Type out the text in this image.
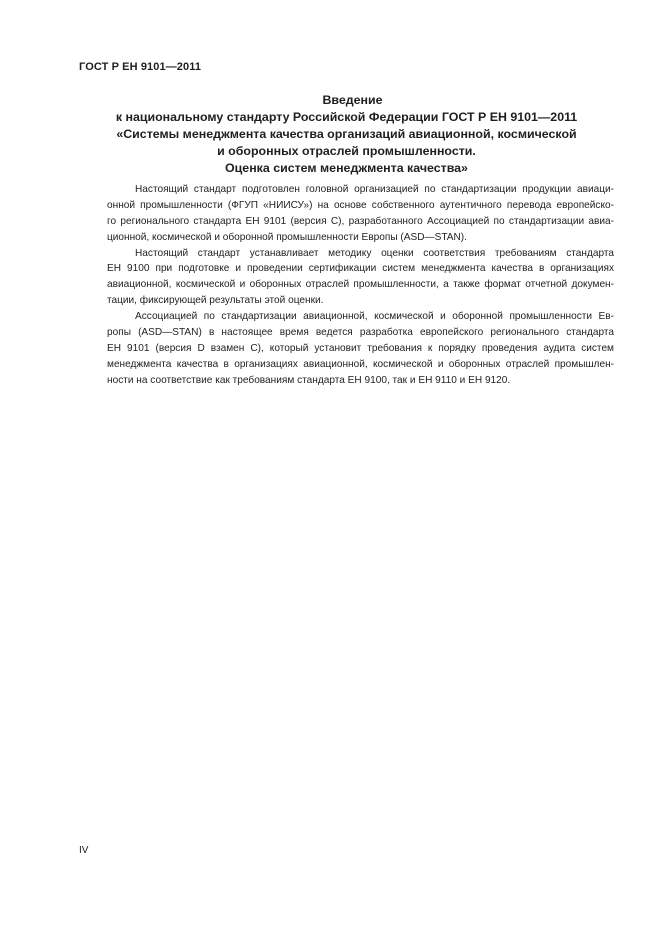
ГОСТ Р ЕН 9101—2011
Введение
к национальному стандарту Российской Федерации ГОСТ Р ЕН 9101—2011
«Системы менеджмента качества организаций авиационной, космической
и оборонных отраслей промышленности.
Оценка систем менеджмента качества»
Настоящий стандарт подготовлен головной организацией по стандартизации продукции авиаци-
онной промышленности (ФГУП «НИИСУ») на основе собственного аутентичного перевода европейско-
го регионального стандарта ЕН 9101 (версия С), разработанного Ассоциацией по стандартизации авиа-
ционной, космической и оборонной промышленности Европы (ASD—STAN).
Настоящий стандарт устанавливает методику оценки соответствия требованиям стандарта
ЕН 9100 при подготовке и проведении сертификации систем менеджмента качества в организациях
авиационной, космической и оборонных отраслей промышленности, а также формат отчетной докумен-
тации, фиксирующей результаты этой оценки.
Ассоциацией по стандартизации авиационной, космической и оборонной промышленности Ев-
ропы (ASD—STAN) в настоящее время ведется разработка европейского регионального стандарта
ЕН 9101 (версия D взамен С), который установит требования к порядку проведения аудита систем
менеджмента качества в организациях авиационной, космической и оборонных отраслей промышлен-
ности на соответствие как требованиям стандарта ЕН 9100, так и ЕН 9110 и ЕН 9120.
IV
